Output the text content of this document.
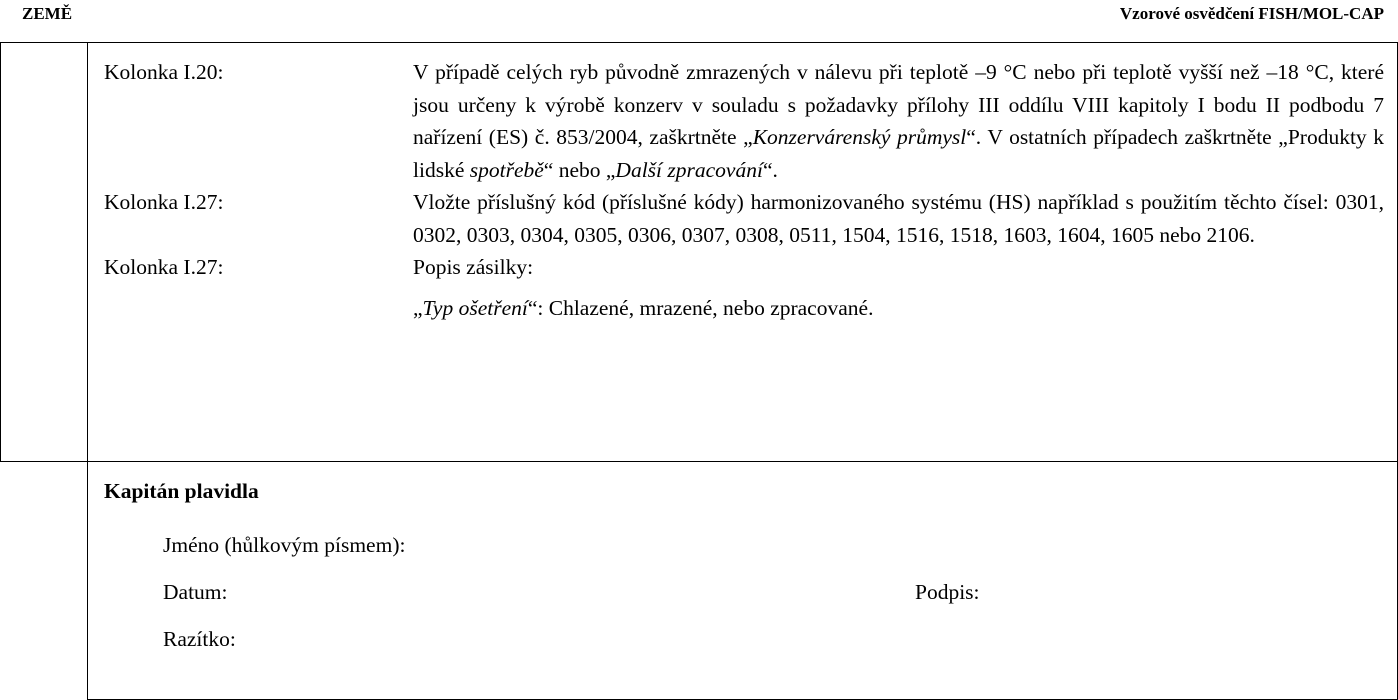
ZEMĚ	Vzorové osvědčení FISH/MOL-CAP
Kolonka I.20:	V případě celých ryb původně zmrazených v nálevu při teplotě –9 °C nebo při teplotě vyšší než –18 °C, které jsou určeny k výrobě konzerv v souladu s požadavky přílohy III oddílu VIII kapitoly I bodu II podbodu 7 nařízení (ES) č. 853/2004, zaškrtněte „Konzervárenský průmysl“. V ostatních případech zaškrtněte „Produkty k lidské spotřebě“ nebo „Další zpracování“.
Kolonka I.27:	Vložte příslušný kód (příslušné kódy) harmonizovaného systému (HS) například s použitím těchto čísel: 0301, 0302, 0303, 0304, 0305, 0306, 0307, 0308, 0511, 1504, 1516, 1518, 1603, 1604, 1605 nebo 2106.
Kolonka I.27:	Popis zásilky:
„Typ ošetření“: Chlazené, mrazené, nebo zpracované.
Kapitán plavidla
Jméno (hůlkovým písmem):
Datum:	Podpis:
Razítko:
